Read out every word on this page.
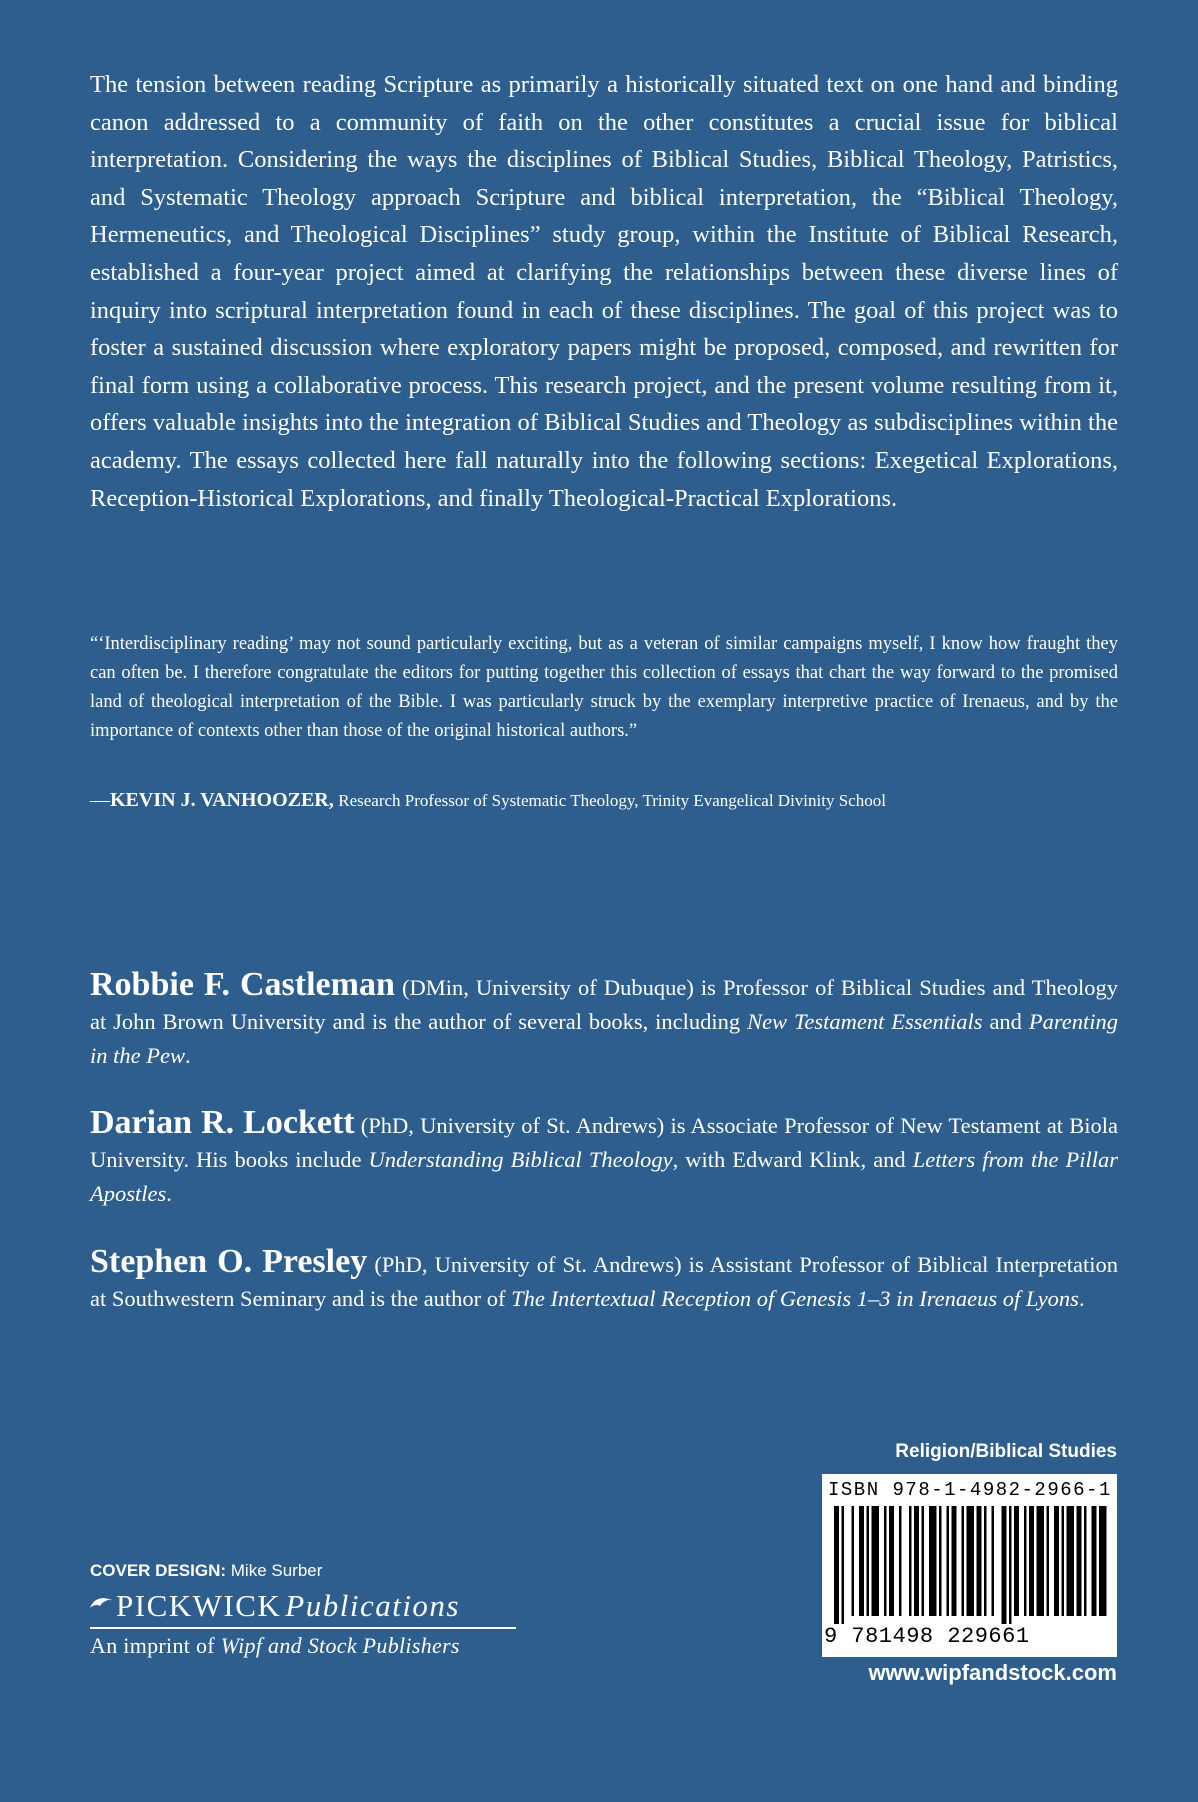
The tension between reading Scripture as primarily a historically situated text on one hand and binding canon addressed to a community of faith on the other constitutes a crucial issue for biblical interpretation. Considering the ways the disciplines of Biblical Studies, Biblical Theology, Patristics, and Systematic Theology approach Scripture and biblical interpretation, the “Biblical Theology, Hermeneutics, and Theological Disciplines” study group, within the Institute of Biblical Research, established a four-year project aimed at clarifying the relationships between these diverse lines of inquiry into scriptural interpretation found in each of these disciplines. The goal of this project was to foster a sustained discussion where exploratory papers might be proposed, composed, and rewritten for final form using a collaborative process. This research project, and the present volume resulting from it, offers valuable insights into the integration of Biblical Studies and Theology as subdisciplines within the academy. The essays collected here fall naturally into the following sections: Exegetical Explorations, Reception-Historical Explorations, and finally Theological-Practical Explorations.

“‘Interdisciplinary reading’ may not sound particularly exciting, but as a veteran of similar campaigns myself, I know how fraught they can often be. I therefore congratulate the editors for putting together this collection of essays that chart the way forward to the promised land of theological interpretation of the Bible. I was particularly struck by the exemplary interpretive practice of Irenaeus, and by the importance of contexts other than those of the original historical authors.”

—KEVIN J. VANHOOZER, Research Professor of Systematic Theology, Trinity Evangelical Divinity School

Robbie F. Castleman (DMin, University of Dubuque) is Professor of Biblical Studies and Theology at John Brown University and is the author of several books, including New Testament Essentials and Parenting in the Pew.

Darian R. Lockett (PhD, University of St. Andrews) is Associate Professor of New Testament at Biola University. His books include Understanding Biblical Theology, with Edward Klink, and Letters from the Pillar Apostles.

Stephen O. Presley (PhD, University of St. Andrews) is Assistant Professor of Biblical Interpretation at Southwestern Seminary and is the author of The Intertextual Reception of Genesis 1–3 in Irenaeus of Lyons.

Religion/Biblical Studies
ISBN 978-1-4982-2966-1
9 781498 229661
www.wipfandstock.com
COVER DESIGN: Mike Surber
PICKWICK Publications
An imprint of Wipf and Stock Publishers
